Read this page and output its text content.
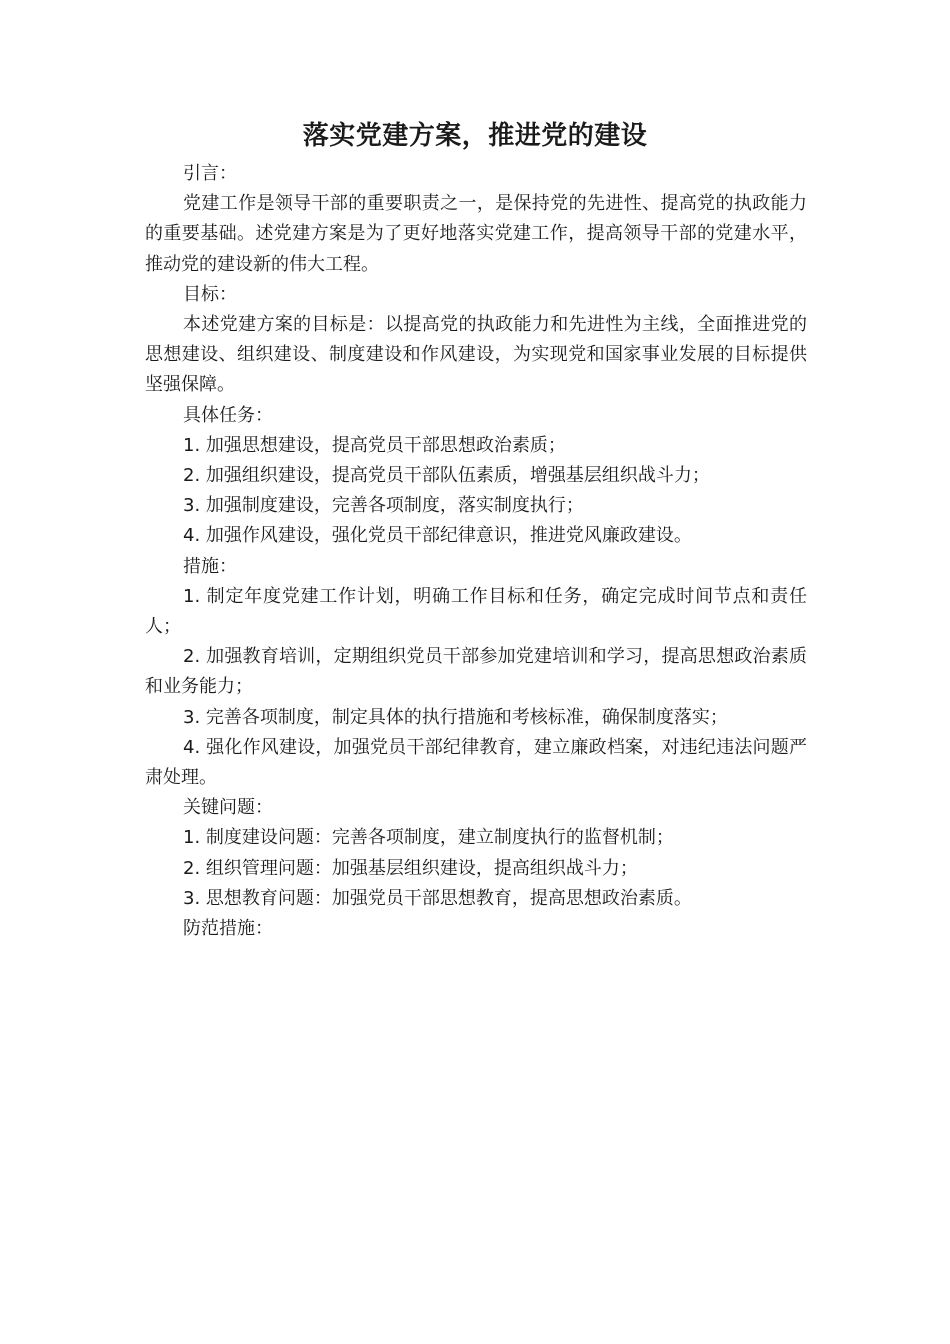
落实党建方案，推进党的建设

引言：

党建工作是领导干部的重要职责之一，是保持党的先进性、提高党的执政能力的重要基础。述党建方案是为了更好地落实党建工作，提高领导干部的党建水平，推动党的建设新的伟大工程。

目标：

本述党建方案的目标是：以提高党的执政能力和先进性为主线，全面推进党的思想建设、组织建设、制度建设和作风建设，为实现党和国家事业发展的目标提供坚强保障。

具体任务：

1. 加强思想建设，提高党员干部思想政治素质；

2. 加强组织建设，提高党员干部队伍素质，增强基层组织战斗力；

3. 加强制度建设，完善各项制度，落实制度执行；

4. 加强作风建设，强化党员干部纪律意识，推进党风廉政建设。

措施：

1. 制定年度党建工作计划，明确工作目标和任务，确定完成时间节点和责任人；

2. 加强教育培训，定期组织党员干部参加党建培训和学习，提高思想政治素质和业务能力；

3. 完善各项制度，制定具体的执行措施和考核标准，确保制度落实；

4. 强化作风建设，加强党员干部纪律教育，建立廉政档案，对违纪违法问题严肃处理。

关键问题：

1. 制度建设问题：完善各项制度，建立制度执行的监督机制；

2. 组织管理问题：加强基层组织建设，提高组织战斗力；

3. 思想教育问题：加强党员干部思想教育，提高思想政治素质。

防范措施：
